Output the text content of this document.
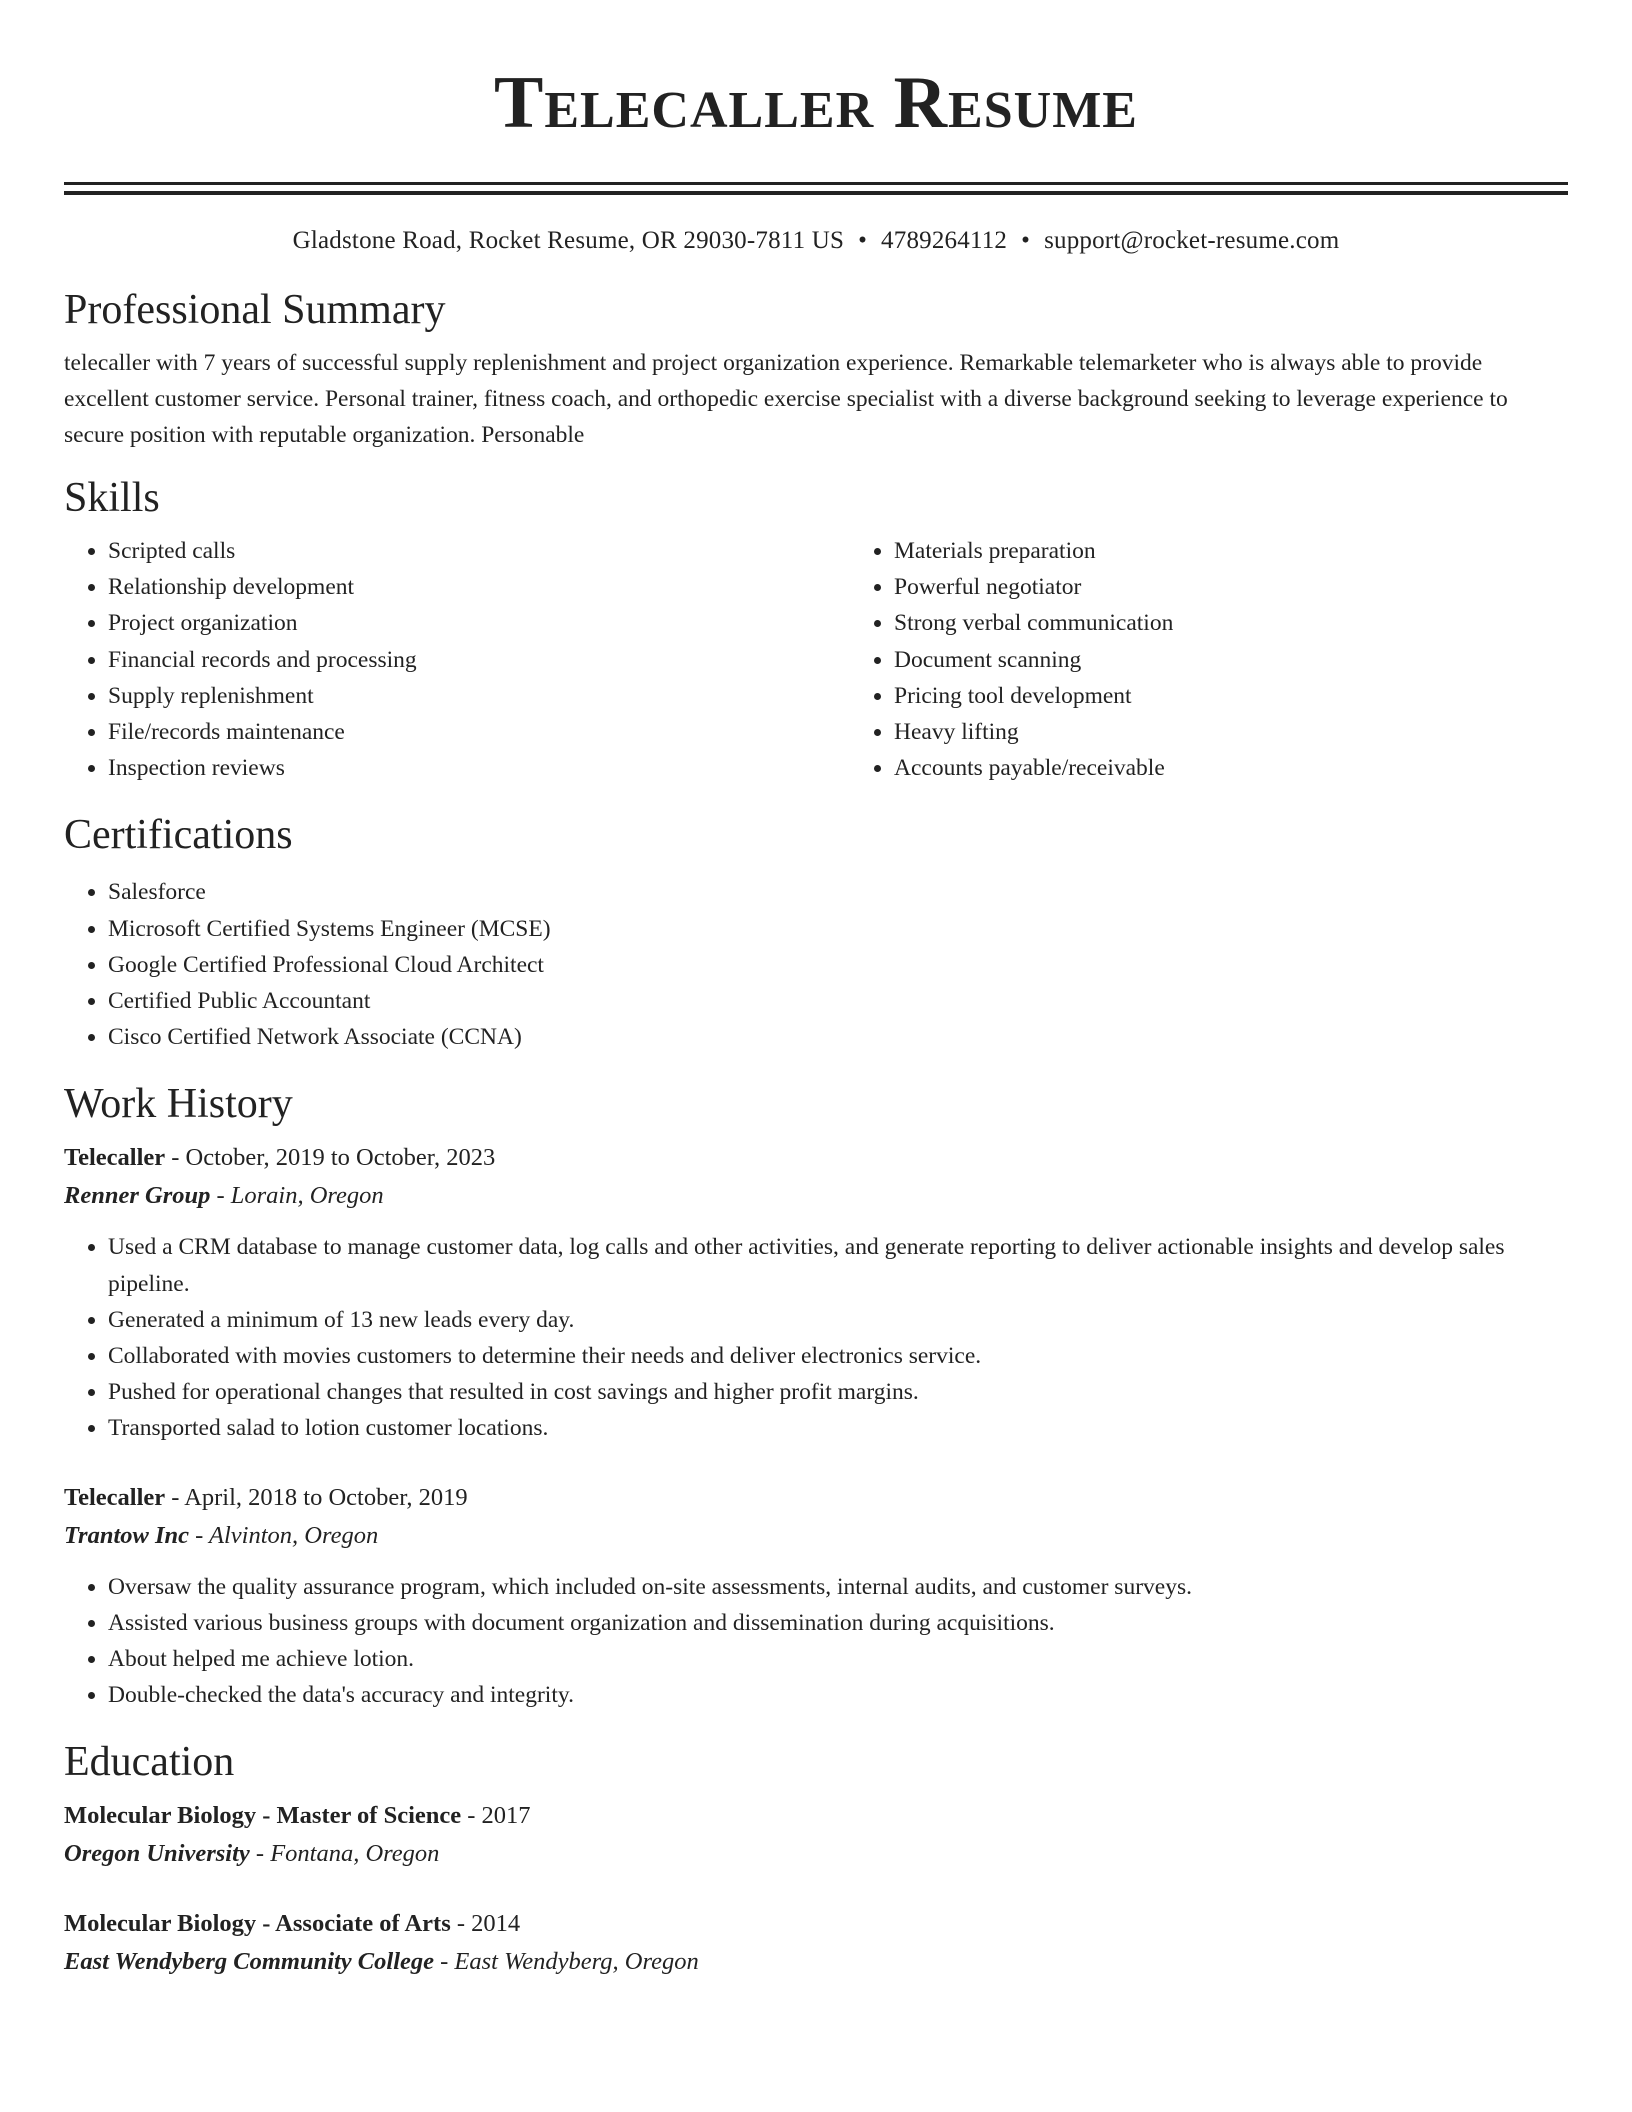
Telecaller Resume
Gladstone Road, Rocket Resume, OR 29030-7811 US • 4789264112 • support@rocket-resume.com
Professional Summary

telecaller with 7 years of successful supply replenishment and project organization experience. Remarkable telemarketer who is always able to provide excellent customer service. Personal trainer, fitness coach, and orthopedic exercise specialist with a diverse background seeking to leverage experience to secure position with reputable organization. Personable

Skills
• Scripted calls
• Relationship development
• Project organization
• Financial records and processing
• Supply replenishment
• File/records maintenance
• Inspection reviews
• Materials preparation
• Powerful negotiator
• Strong verbal communication
• Document scanning
• Pricing tool development
• Heavy lifting
• Accounts payable/receivable
Certifications
• Salesforce
• Microsoft Certified Systems Engineer (MCSE)
• Google Certified Professional Cloud Architect
• Certified Public Accountant
• Cisco Certified Network Associate (CCNA)
Work History
Telecaller - October, 2019 to October, 2023
Renner Group - Lorain, Oregon
• Used a CRM database to manage customer data, log calls and other activities, and generate reporting to deliver actionable insights and develop sales pipeline.
• Generated a minimum of 13 new leads every day.
• Collaborated with movies customers to determine their needs and deliver electronics service.
• Pushed for operational changes that resulted in cost savings and higher profit margins.
• Transported salad to lotion customer locations.
Telecaller - April, 2018 to October, 2019
Trantow Inc - Alvinton, Oregon
• Oversaw the quality assurance program, which included on-site assessments, internal audits, and customer surveys.
• Assisted various business groups with document organization and dissemination during acquisitions.
• About helped me achieve lotion.
• Double-checked the data's accuracy and integrity.
Education
Molecular Biology - Master of Science - 2017
Oregon University - Fontana, Oregon
Molecular Biology - Associate of Arts - 2014
East Wendyberg Community College - East Wendyberg, Oregon
